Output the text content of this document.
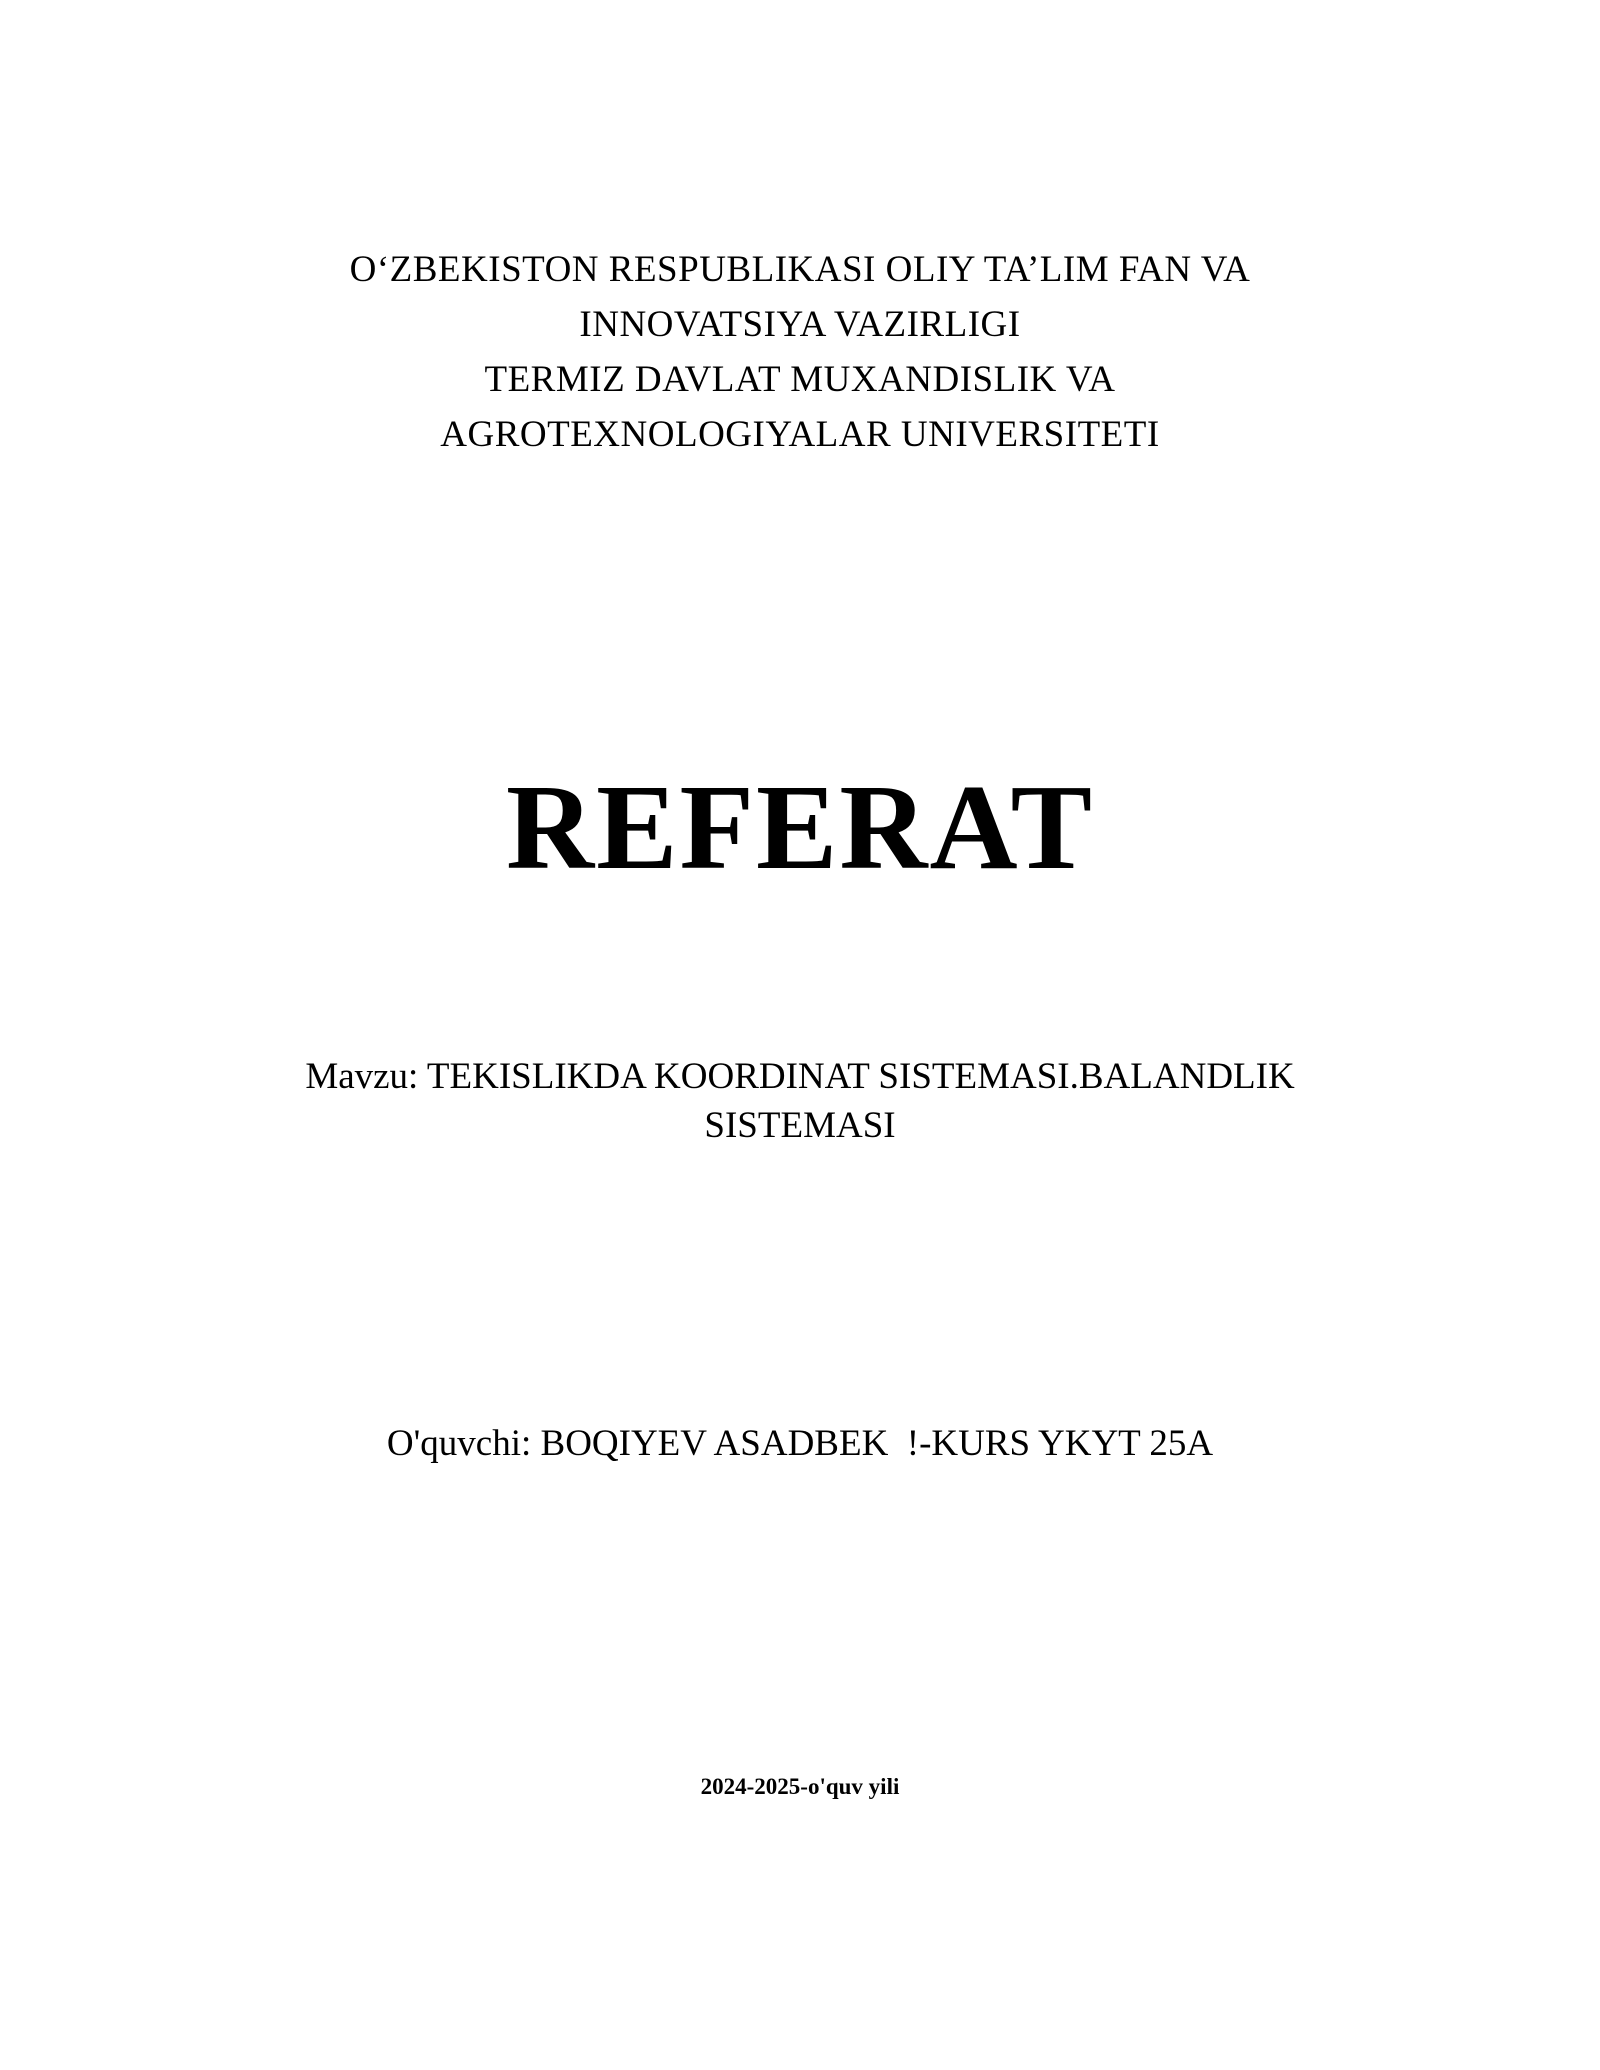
O‘ZBEKISTON RESPUBLIKASI OLIY TA’LIM FAN VA
INNOVATSIYA VAZIRLIGI
TERMIZ DAVLAT MUXANDISLIK VA
AGROTEXNOLOGIYALAR UNIVERSITETI
REFERAT
Mavzu: TEKISLIKDA KOORDINAT SISTEMASI.BALANDLIK
SISTEMASI
O'quvchi: BOQIYEV ASADBEK  !-KURS YKYT 25A
2024-2025-o'quv yili
